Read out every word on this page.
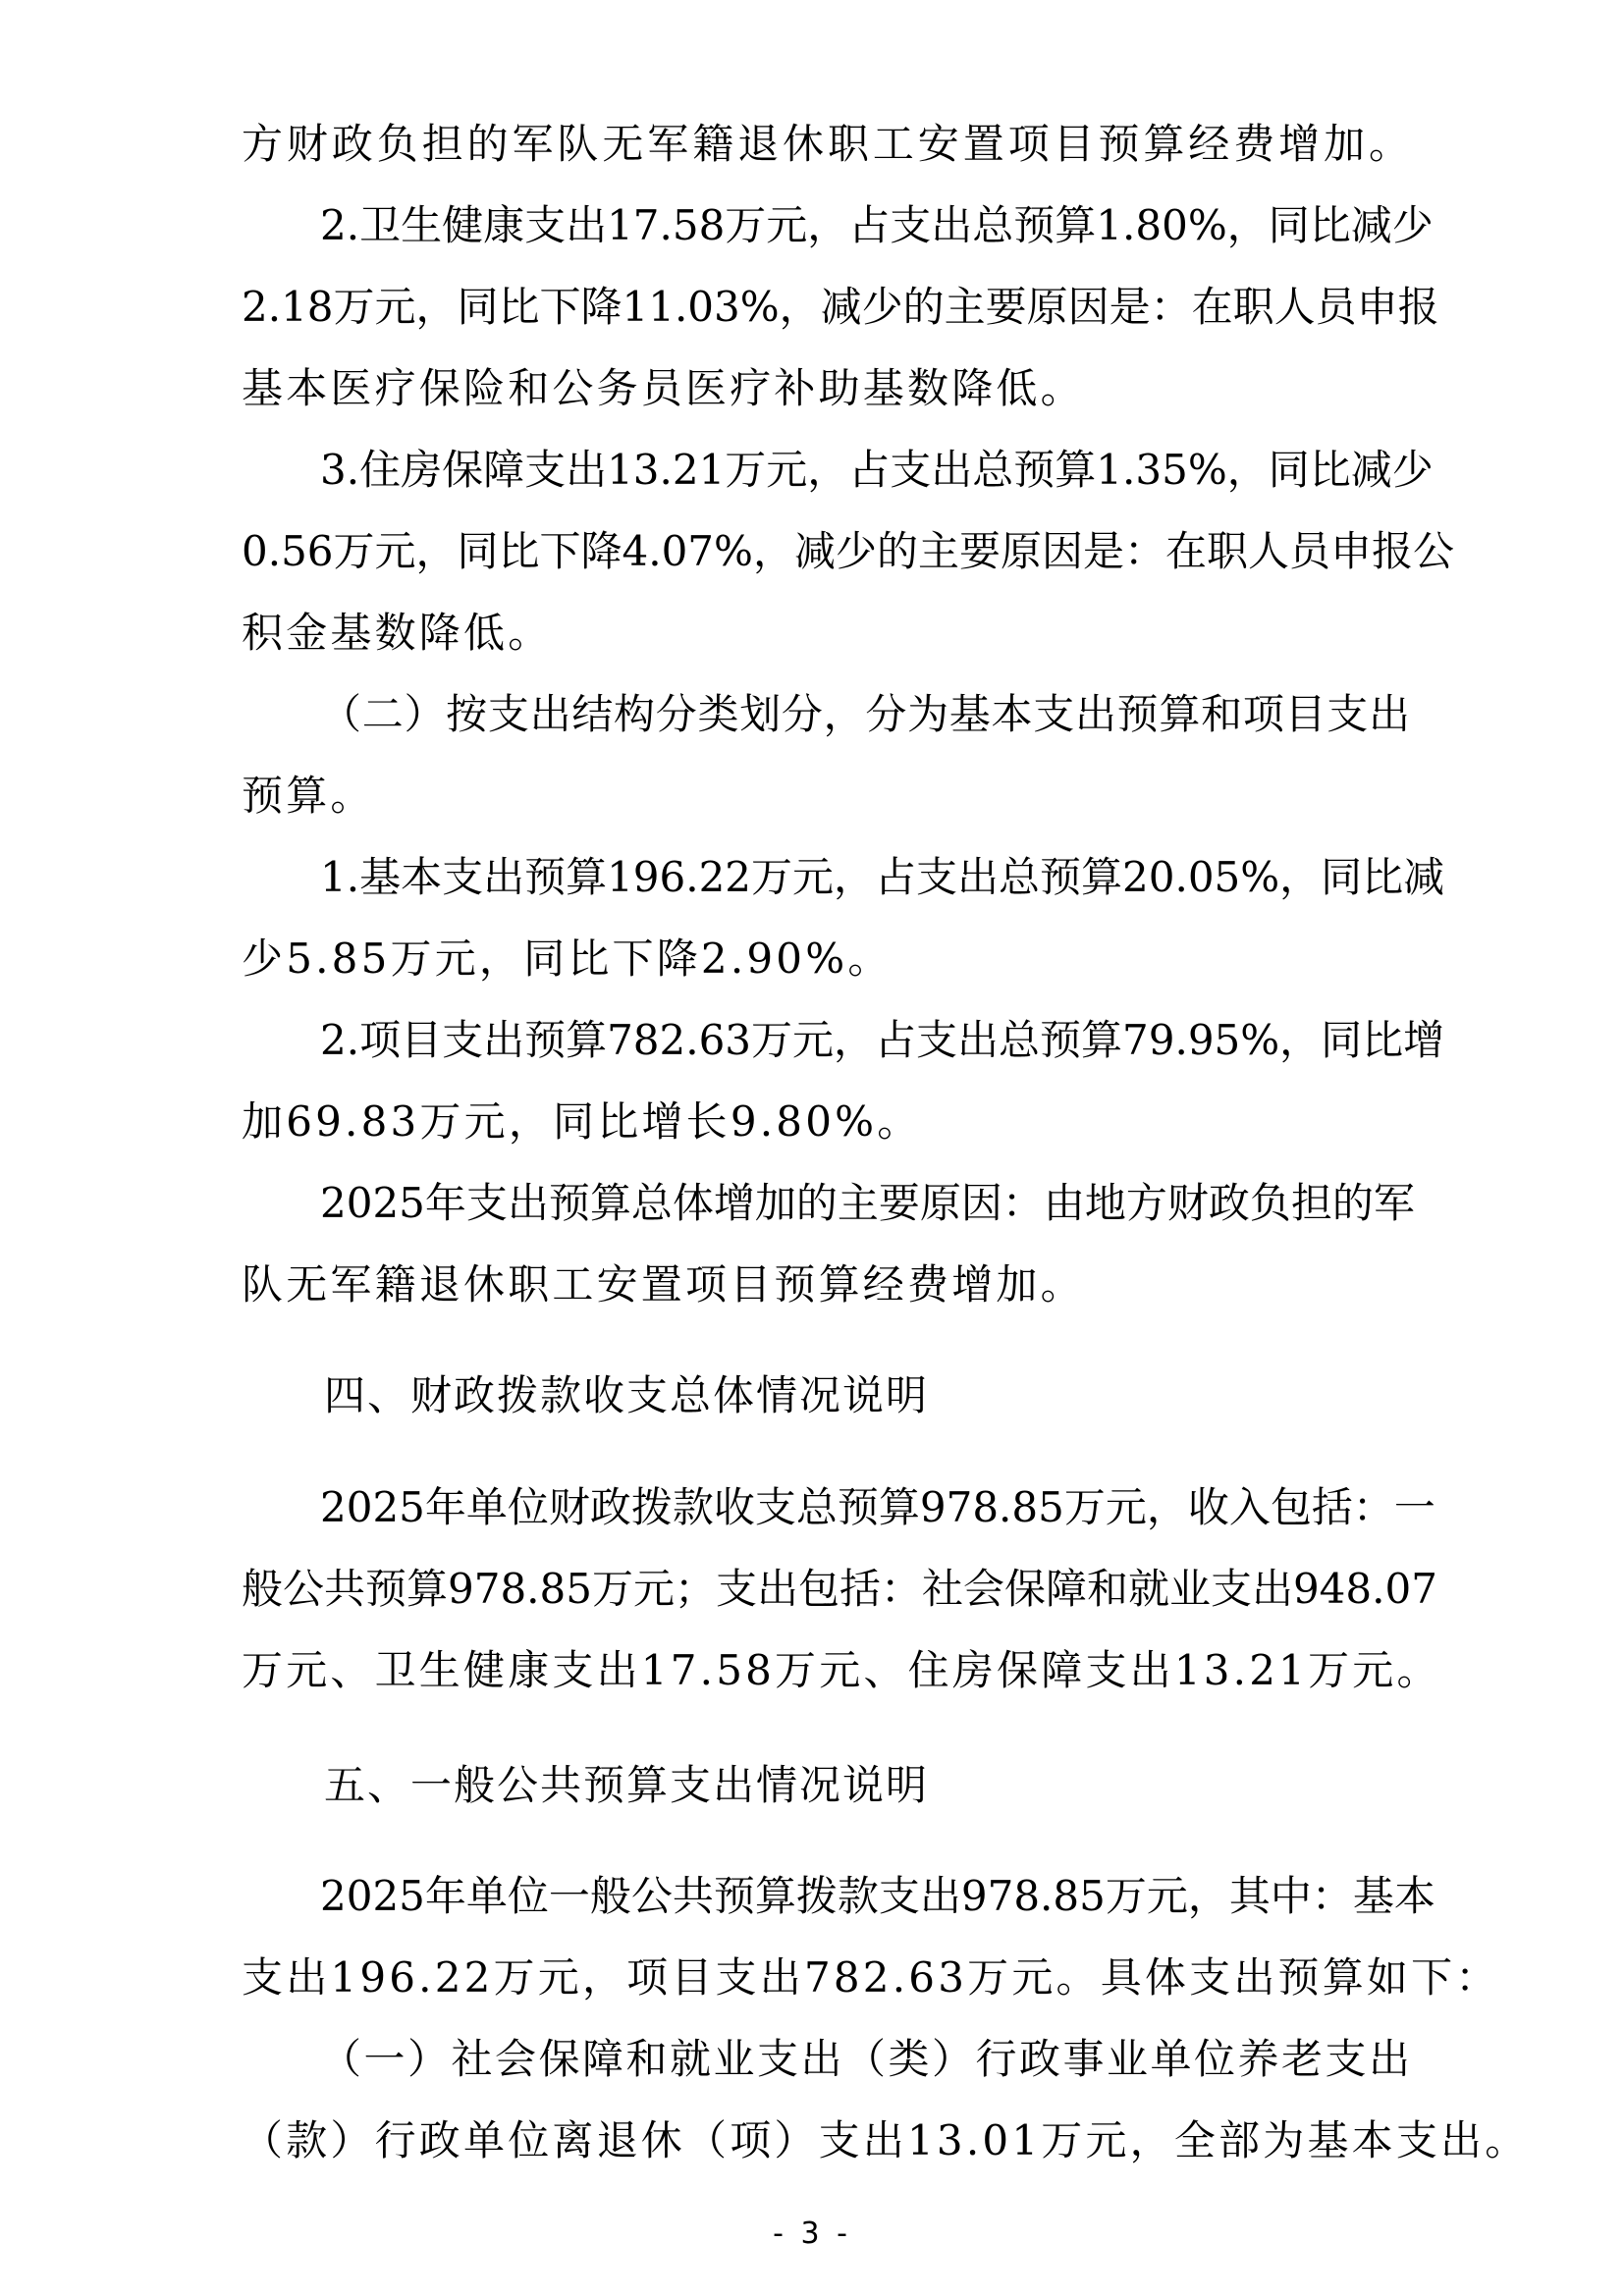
方财政负担的军队无军籍退休职工安置项目预算经费增加。
2.卫生健康支出17.58万元，占支出总预算1.80%，同比减少
2.18万元，同比下降11.03%，减少的主要原因是：在职人员申报
基本医疗保险和公务员医疗补助基数降低。
3.住房保障支出13.21万元，占支出总预算1.35%，同比减少
0.56万元，同比下降4.07%，减少的主要原因是：在职人员申报公
积金基数降低。
（二）按支出结构分类划分，分为基本支出预算和项目支出
预算。
1.基本支出预算196.22万元，占支出总预算20.05%，同比减
少5.85万元，同比下降2.90%。
2.项目支出预算782.63万元，占支出总预算79.95%，同比增
加69.83万元，同比增长9.80%。
2025年支出预算总体增加的主要原因：由地方财政负担的军
队无军籍退休职工安置项目预算经费增加。
四、财政拨款收支总体情况说明
2025年单位财政拨款收支总预算978.85万元，收入包括：一
般公共预算978.85万元；支出包括：社会保障和就业支出948.07
万元、卫生健康支出17.58万元、住房保障支出13.21万元。
五、一般公共预算支出情况说明
2025年单位一般公共预算拨款支出978.85万元，其中：基本
支出196.22万元，项目支出782.63万元。具体支出预算如下：
（一）社会保障和就业支出（类）行政事业单位养老支出
（款）行政单位离退休（项）支出13.01万元，全部为基本支出。
- 3 -
